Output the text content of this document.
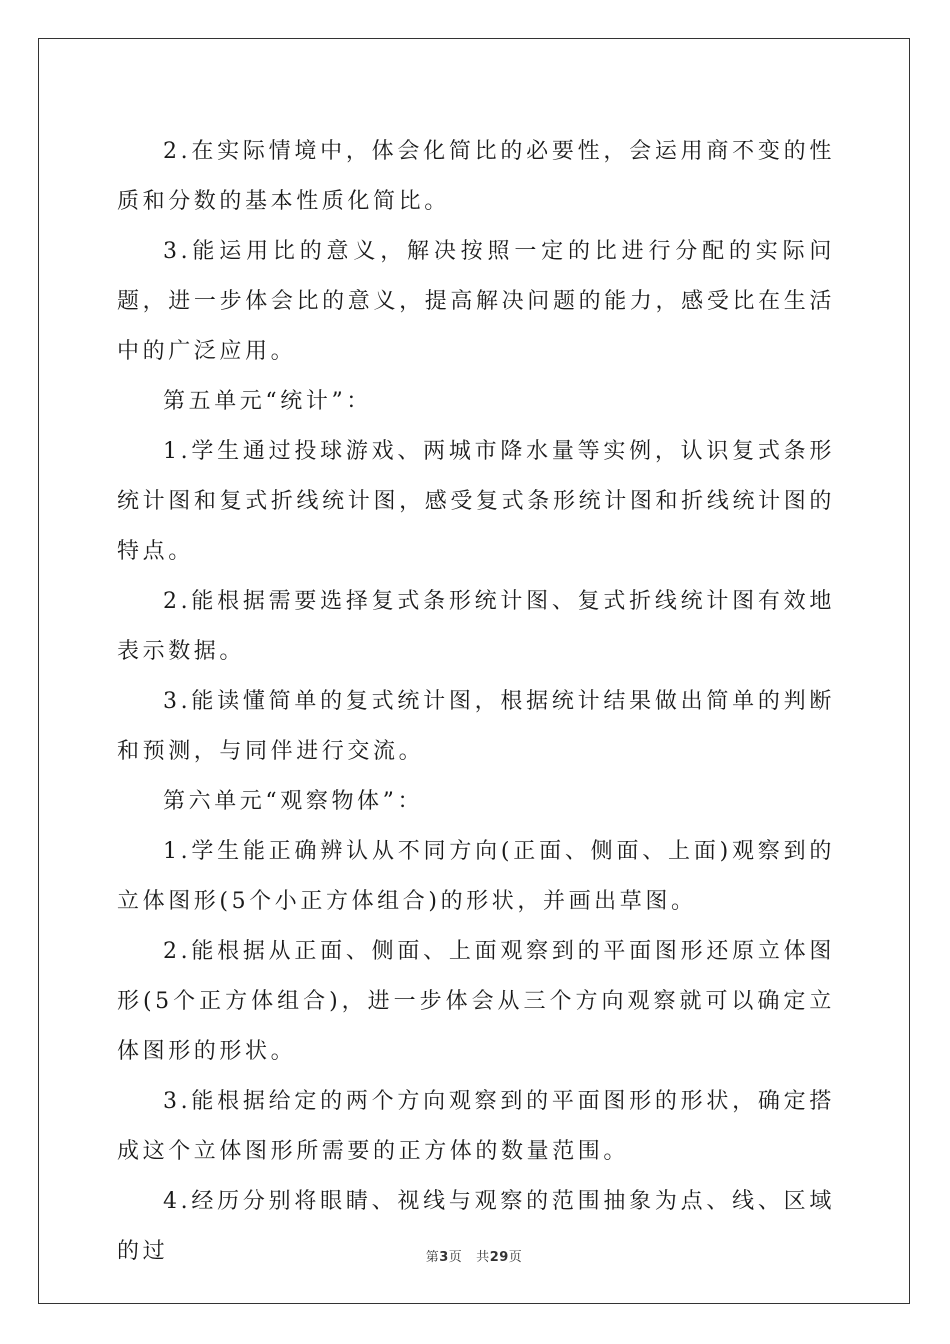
2.在实际情境中，体会化简比的必要性，会运用商不变的性质和分数的基本性质化简比。

3.能运用比的意义，解决按照一定的比进行分配的实际问题，进一步体会比的意义，提高解决问题的能力，感受比在生活中的广泛应用。

第五单元“统计”：

1.学生通过投球游戏、两城市降水量等实例，认识复式条形统计图和复式折线统计图，感受复式条形统计图和折线统计图的特点。

2.能根据需要选择复式条形统计图、复式折线统计图有效地表示数据。

3.能读懂简单的复式统计图，根据统计结果做出简单的判断和预测，与同伴进行交流。

第六单元“观察物体”：

1.学生能正确辨认从不同方向(正面、侧面、上面)观察到的立体图形(5个小正方体组合)的形状，并画出草图。

2.能根据从正面、侧面、上面观察到的平面图形还原立体图形(5个正方体组合)，进一步体会从三个方向观察就可以确定立体图形的形状。

3.能根据给定的两个方向观察到的平面图形的形状，确定搭成这个立体图形所需要的正方体的数量范围。

4.经历分别将眼睛、视线与观察的范围抽象为点、线、区域的过	第3页 共29页
